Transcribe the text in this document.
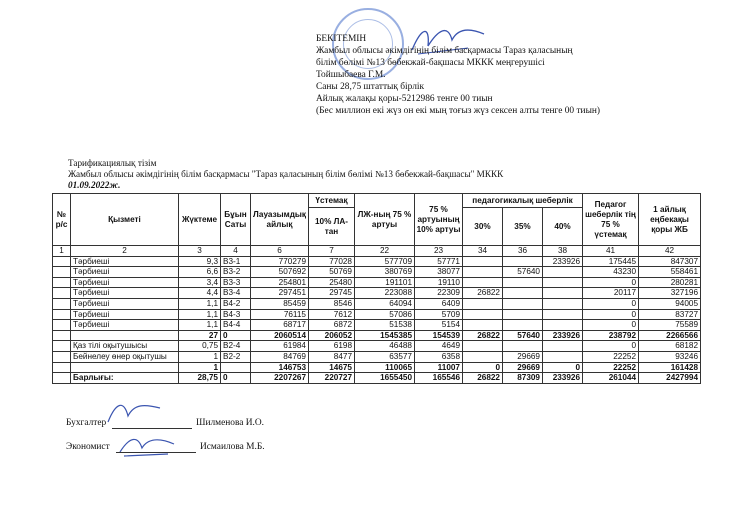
БЕКІТЕМІН
Жамбыл облысы әкімдігінің білім басқармасы Тараз қаласының
білім бөлімі №13 бөбекжай-бақшасы МККК меңгерушісі
Тойшыбаева Г.М.
Саны 28,75 штаттық бірлік
Айлық жалақы қоры-5212986 тенге 00 тиын
(Бес миллион екі жүз он екі мың тоғыз жүз сексен алты тенге 00 тиын)
Тарификациялық тізім
Жамбыл облысы әкімдігінің білім басқармасы "Тараз қаласының білім бөлімі №13 бөбекжай-бақшасы" МККК
01.09.2022ж.
№ р/с	Қызметі	Жүктеме	Бұын Саты	Лауазымдық айлық	Үстемақ	ЛЖ-ның 75 % артуы	75 % артуының 10% артуы	педагогикалық шеберлік			Педагог шеберлік тің 75 % үстемақ	1 айлық еңбекақы қоры ЖБ
					10% ЛА-тан			30%	35%	40%		
1	2	3	4	6	7	22	23	34	36	38	41	42
	Тәрбиеші	9,3	В3-1	770279	77028	577709	57771			233926	175445	847307
	Тәрбиеші	6,6	В3-2	507692	50769	380769	38077		57640		43230	558461
	Тәрбиеші	3,4	В3-3	254801	25480	191101	19110				0	280281
	Тәрбиеші	4,4	В3-4	297451	29745	223088	22309	26822			20117	327196
	Тәрбиеші	1,1	В4-2	85459	8546	64094	6409				0	94005
	Тәрбиеші	1,1	В4-3	76115	7612	57086	5709				0	83727
	Тәрбиеші	1,1	В4-4	68717	6872	51538	5154				0	75589
		27	0	2060514	206052	1545385	154539	26822	57640	233926	238792	2266566
	Қаз тілі оқытушысы	0,75	В2-4	61984	6198	46488	4649				0	68182
	Бейнелеу өнер оқытушы	1	В2-2	84769	8477	63577	6358		29669		22252	93246
		1		146753	14675	110065	11007	0	29669	0	22252	161428
	Барлығы:	28,75	0	2207267	220727	1655450	165546	26822	87309	233926	261044	2427994
Бухгалтер	Шилменова И.О.
Экономист	Исмаилова М.Б.
